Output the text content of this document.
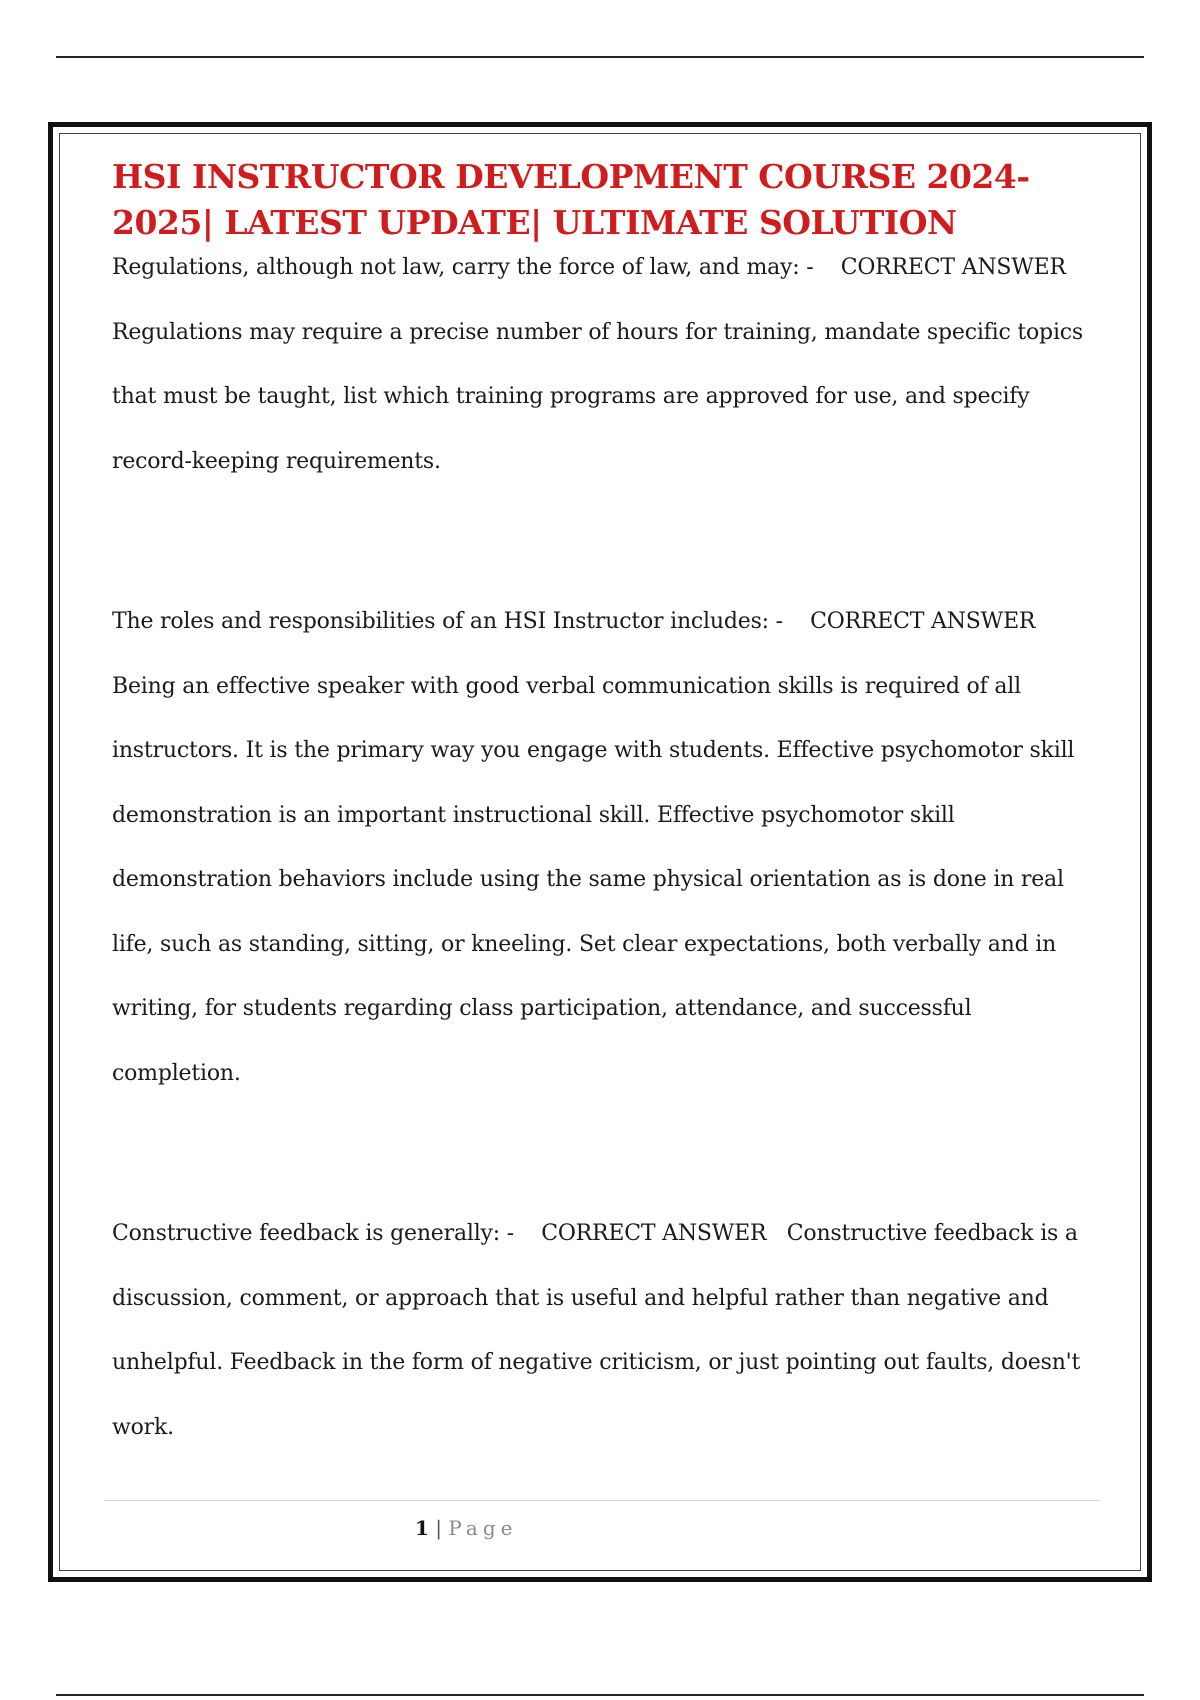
HSI INSTRUCTOR DEVELOPMENT COURSE 2024-2025| LATEST UPDATE| ULTIMATE SOLUTION

Regulations, although not law, carry the force of law, and may: - CORRECT ANSWER Regulations may require a precise number of hours for training, mandate specific topics that must be taught, list which training programs are approved for use, and specify record-keeping requirements.

The roles and responsibilities of an HSI Instructor includes: - CORRECT ANSWER Being an effective speaker with good verbal communication skills is required of all instructors. It is the primary way you engage with students. Effective psychomotor skill demonstration is an important instructional skill. Effective psychomotor skill demonstration behaviors include using the same physical orientation as is done in real life, such as standing, sitting, or kneeling. Set clear expectations, both verbally and in writing, for students regarding class participation, attendance, and successful completion.

Constructive feedback is generally: - CORRECT ANSWER Constructive feedback is a discussion, comment, or approach that is useful and helpful rather than negative and unhelpful. Feedback in the form of negative criticism, or just pointing out faults, doesn't work.

1 | Page
